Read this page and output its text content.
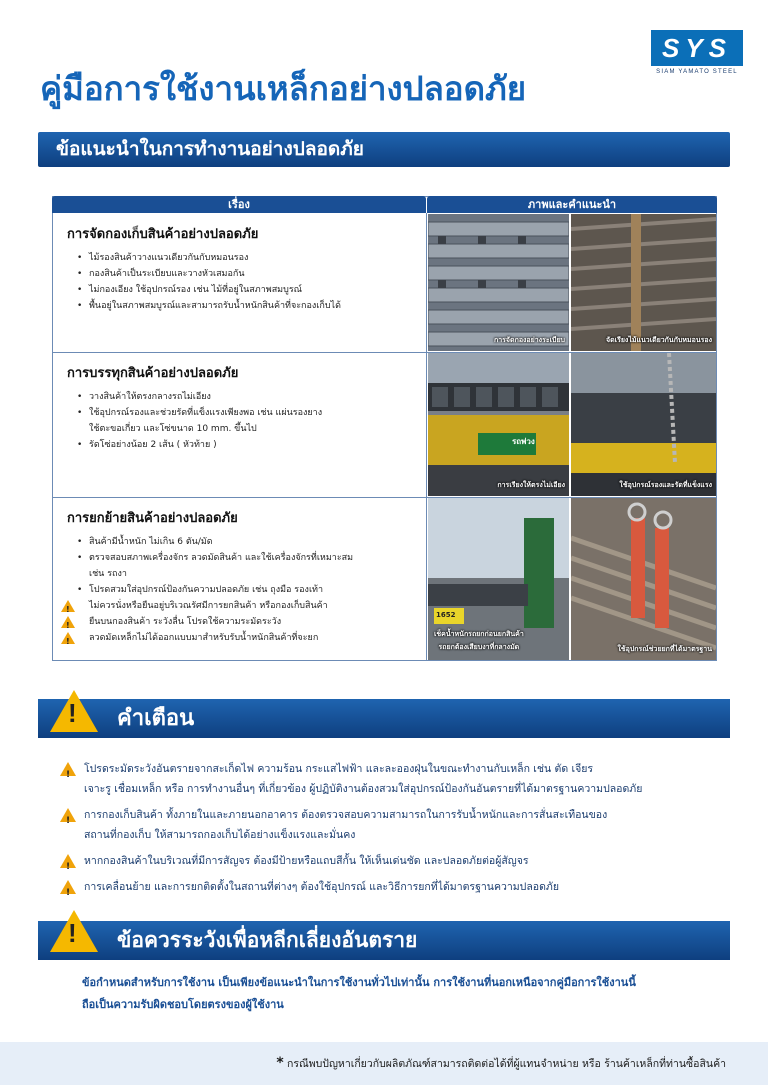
SYS
SIAM YAMATO STEEL
คู่มือการใช้งานเหล็กอย่างปลอดภัย
ข้อแนะนำในการทำงานอย่างปลอดภัย
เรื่อง	ภาพและคำแนะนำ
การจัดกองเก็บสินค้าอย่างปลอดภัย
• ไม้รองสินค้าวางแนวเดียวกันกับหมอนรอง
• กองสินค้าเป็นระเบียบและวางหัวเสมอกัน
• ไม่กองเอียง ใช้อุปกรณ์รอง เช่น ไม้ที่อยู่ในสภาพสมบูรณ์
• พื้นอยู่ในสภาพสมบูรณ์และสามารถรับน้ำหนักสินค้าที่จะกองเก็บได้
การจัดกองอย่างระเบียบ	จัดเรียงไม้แนวเดียวกันกับหมอนรอง
การบรรทุกสินค้าอย่างปลอดภัย
• วางสินค้าให้ตรงกลางรถไม่เอียง
• ใช้อุปกรณ์รองและช่วยรัดที่แข็งแรงเพียงพอ เช่น แผ่นรองยาง
ใช้ตะขอเกี่ยว และโซ่ขนาด 10 mm. ขึ้นไป
• รัดโซ่อย่างน้อย 2 เส้น ( หัวท้าย )	รถพ่วง
การเรียงให้ตรงไม่เอียง	ใช้อุปกรณ์รองและรัดที่แข็งแรง
การยกย้ายสินค้าอย่างปลอดภัย
• สินค้ามีน้ำหนัก ไม่เกิน 6 ตัน/มัด
• ตรวจสอบสภาพเครื่องจักร ลวดมัดสินค้า และใช้เครื่องจักรที่เหมาะสม
เช่น รถงา
• โปรดสวมใส่อุปกรณ์ป้องกันความปลอดภัย เช่น ถุงมือ รองเท้า
!
ไม่ควรนั่งหรือยืนอยู่บริเวณรัศมีการยกสินค้า หรือกองเก็บสินค้า
!
ยืนบนกองสินค้า ระวังลื่น โปรดใช้ความระมัดระวัง
!
ลวดมัดเหล็กไม่ได้ออกแบบมาสำหรับรับน้ำหนักสินค้าที่จะยก
1652
เช็คน้ำหนักรถยกก่อนยกสินค้า
รถยกต้องเสียบงาที่กลางมัด	ใช้อุปกรณ์ช่วยยกที่ได้มาตรฐาน
! คำเตือน
!
โปรดระมัดระวังอันตรายจากสะเก็ดไฟ ความร้อน กระแสไฟฟ้า และละอองฝุ่นในขณะทำงานกับเหล็ก เช่น ตัด เจียร
เจาะรู เชื่อมเหล็ก หรือ การทำงานอื่นๆ ที่เกี่ยวข้อง ผู้ปฏิบัติงานต้องสวมใส่อุปกรณ์ป้องกันอันตรายที่ได้มาตรฐานความปลอดภัย
!
การกองเก็บสินค้า ทั้งภายในและภายนอกอาคาร ต้องตรวจสอบความสามารถในการรับน้ำหนักและการสั่นสะเทือนของ
สถานที่กองเก็บ ให้สามารถกองเก็บได้อย่างแข็งแรงและมั่นคง
!
หากกองสินค้าในบริเวณที่มีการสัญจร ต้องมีป้ายหรือแถบสีกั้น ให้เห็นเด่นชัด และปลอดภัยต่อผู้สัญจร
!
การเคลื่อนย้าย และการยกติดตั้งในสถานที่ต่างๆ ต้องใช้อุปกรณ์ และวิธีการยกที่ได้มาตรฐานความปลอดภัย
! ข้อควรระวังเพื่อหลีกเลี่ยงอันตราย
ข้อกำหนดสำหรับการใช้งาน เป็นเพียงข้อแนะนำในการใช้งานทั่วไปเท่านั้น การใช้งานที่นอกเหนือจากคู่มือการใช้งานนี้
ถือเป็นความรับผิดชอบโดยตรงของผู้ใช้งาน
* กรณีพบปัญหาเกี่ยวกับผลิตภัณฑ์สามารถติดต่อได้ที่ผู้แทนจำหน่าย หรือ ร้านค้าเหล็กที่ท่านซื้อสินค้า
